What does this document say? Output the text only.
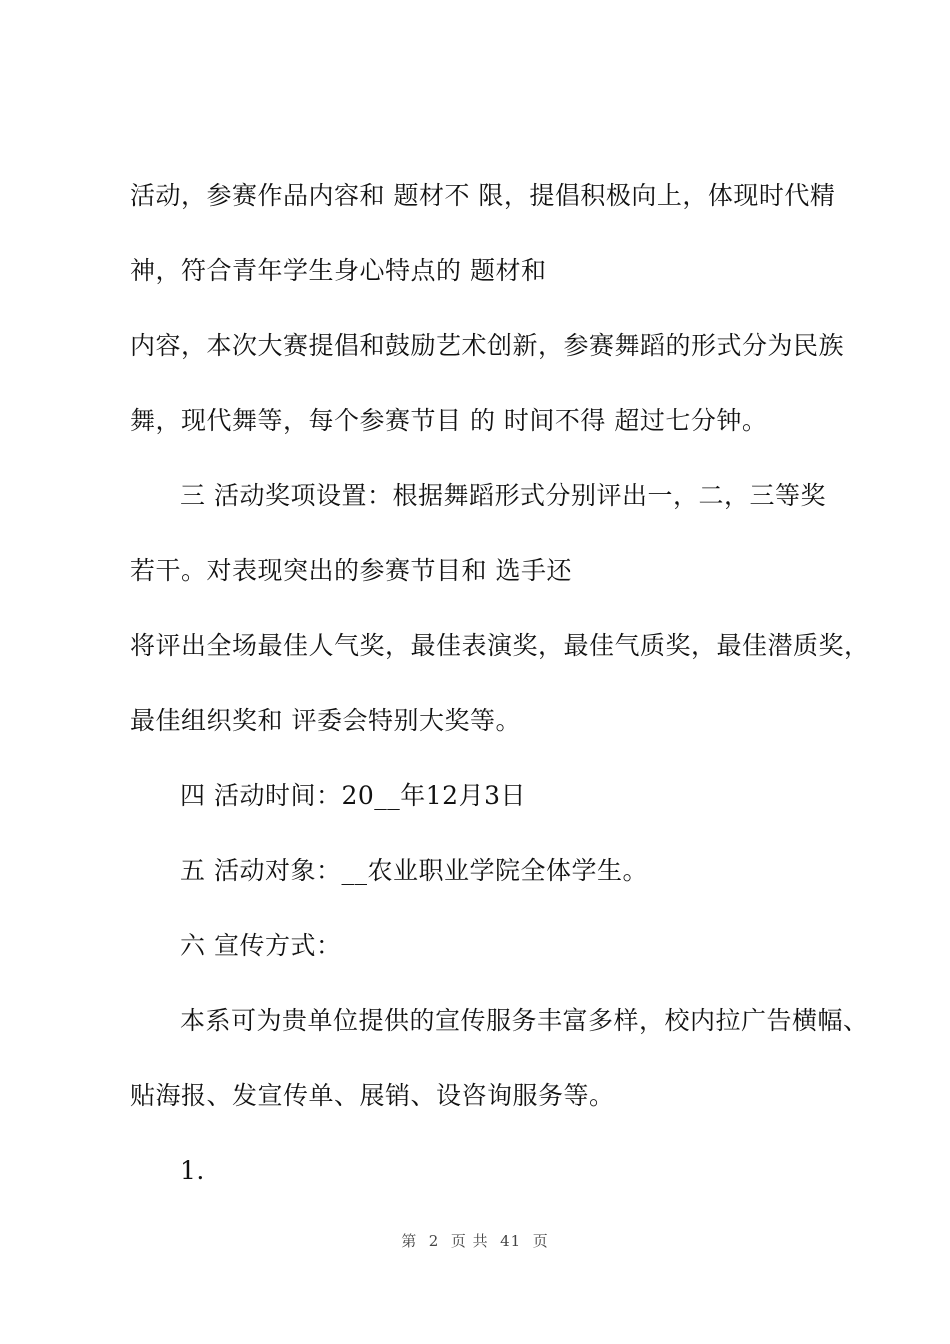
活动，参赛作品内容和 题材不 限，提倡积极向上，体现时代精
神，符合青年学生身心特点的 题材和
内容，本次大赛提倡和鼓励艺术创新，参赛舞蹈的形式分为民族
舞，现代舞等，每个参赛节目 的 时间不得 超过七分钟。
三 活动奖项设置：根据舞蹈形式分别评出一，二，三等奖
若干。对表现突出的参赛节目和 选手还
将评出全场最佳人气奖，最佳表演奖，最佳气质奖，最佳潜质奖，
最佳组织奖和 评委会特别大奖等。
四 活动时间：20__年12月3日
五 活动对象：__农业职业学院全体学生。
六 宣传方式：
本系可为贵单位提供的宣传服务丰富多样，校内拉广告横幅、
贴海报、发宣传单、展销、设咨询服务等。
1.
第  2  页 共  41  页
